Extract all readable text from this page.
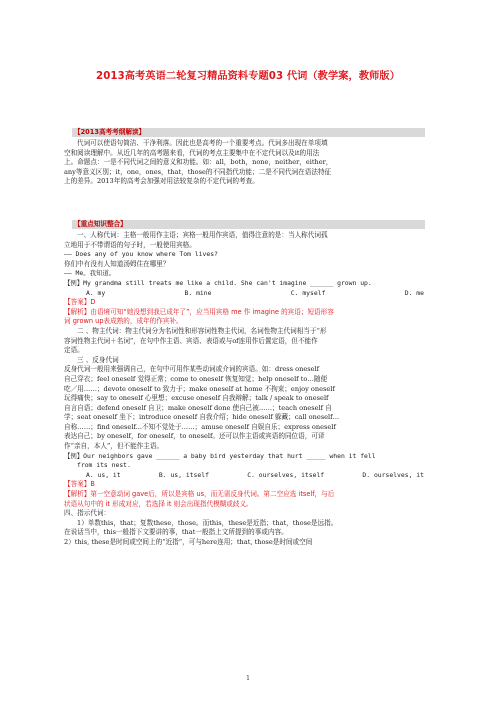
2013高考英语二轮复习精品资料专题03 代词（教学案，教师版）
【2013高考考纲解读】
代词可以使语句简洁、干净利落。因此也是高考的一个重要考点。代词多出现在单项填
空和阅读理解中。从近几年的高考题来看，代词的考点主要集中在不定代词以及it的用法
上。命题点：一是不同代词之间的意义和功能。如：all，both，none，neither，either，
any等意义区别；it，one，ones，that，those的不同指代功能；二是不同代词在语法特征
上的差异。2013年的高考会加强对用法较复杂的不定代词的考查。
【重点知识整合】
一、人称代词：主格一般用作主语；宾格一般用作宾语，值得注意的是：当人称代词孤
立地用于不带谓语的句子时，一般使用宾格。
—— Does any of you know where Tom lives?
你们中有没有人知道汤姆住在哪里？
—— Me。我知道。
【例】My grandma still treats me like a child. She can't imagine ______ grown up.
A. my	B. mine	C. myself	D. me
【答案】D
【解析】由语境可知“她没想到我已成年了”，应当用宾格 me 作 imagine 的宾语；短语形容
词 grown up表成熟的，成年的作宾补。
二 、物主代词：物主代词分为名词性和形容词性物主代词，名词性物主代词相当于“形
容词性物主代词＋名词”，在句中作主语、宾语、表语或与of连用作后置定语，但不能作
定语。
三 、反身代词
反身代词一般用来强调自己，在句中可用作某些动词或介词的宾语。如：dress oneself
自己穿衣；feel oneself 觉得正常；come to oneself 恢复知觉；help oneself to…随便
吃／用……；devote oneself to 致力于；make oneself at home 不拘束；enjoy oneself
玩得痛快；say to oneself 心里想；excuse oneself 自我辩解；talk / speak to oneself
自言自语；defend oneself 自卫；make oneself done 使自己被……；teach oneself 自
学；seat oneself 坐下；introduce oneself 自我介绍；hide oneself 躲藏；call oneself…
自称……；find oneself...不知不觉处于……；amuse oneself 自娱自乐；express oneself
表达自己；by oneself，for oneself，to oneself。还可以作主语或宾语的同位语，可译
作“亲自，本人”，但不能作主语。
【例】Our neighbors gave ______ a baby bird yesterday that hurt _____ when it fell
from its nest.
A. us, it	B. us, itself	C. ourselves, itself	D. ourselves, it
【答案】B
【解析】第一空意动词 gave后，所以是宾格 us，而无需反身代词。第二空应选 itself，与后
状语从句中的 it 形成对应，若选择 it 则会出现指代模糊或歧义。
四、指示代词：
1）单数this，that；复数these，those。而this，these是近指；that，those是远指。
在说话当中，this一般指下文要讲的事，that一般指上文所提到的事或内容。
2）this, these是时间或空间上的“近指”，可与here连用；that, those是时间或空间
1
